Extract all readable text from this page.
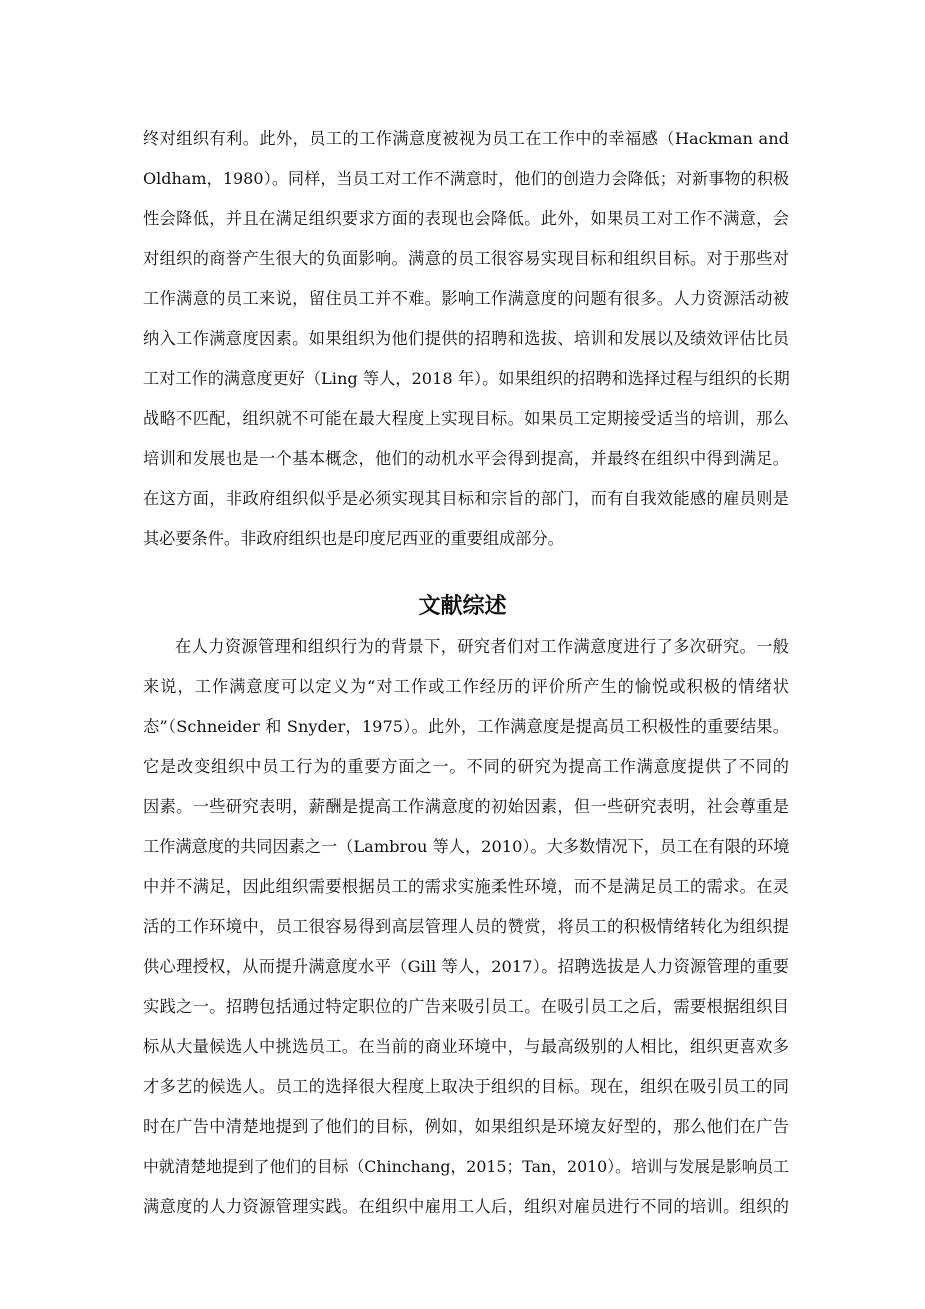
终对组织有利。此外，员工的工作满意度被视为员工在工作中的幸福感（Hackman and
Oldham，1980）。同样，当员工对工作不满意时，他们的创造力会降低；对新事物的积极
性会降低，并且在满足组织要求方面的表现也会降低。此外，如果员工对工作不满意，会
对组织的商誉产生很大的负面影响。满意的员工很容易实现目标和组织目标。对于那些对
工作满意的员工来说，留住员工并不难。影响工作满意度的问题有很多。人力资源活动被
纳入工作满意度因素。如果组织为他们提供的招聘和选拔、培训和发展以及绩效评估比员
工对工作的满意度更好（Ling 等人，2018 年）。如果组织的招聘和选择过程与组织的长期
战略不匹配，组织就不可能在最大程度上实现目标。如果员工定期接受适当的培训，那么
培训和发展也是一个基本概念，他们的动机水平会得到提高，并最终在组织中得到满足。
在这方面，非政府组织似乎是必须实现其目标和宗旨的部门，而有自我效能感的雇员则是
其必要条件。非政府组织也是印度尼西亚的重要组成部分。
文献综述
在人力资源管理和组织行为的背景下，研究者们对工作满意度进行了多次研究。一般
来说，工作满意度可以定义为“对工作或工作经历的评价所产生的愉悦或积极的情绪状
态”（Schneider 和 Snyder，1975）。此外，工作满意度是提高员工积极性的重要结果。
它是改变组织中员工行为的重要方面之一。不同的研究为提高工作满意度提供了不同的
因素。一些研究表明，薪酬是提高工作满意度的初始因素，但一些研究表明，社会尊重是
工作满意度的共同因素之一（Lambrou 等人，2010）。大多数情况下，员工在有限的环境
中并不满足，因此组织需要根据员工的需求实施柔性环境，而不是满足员工的需求。在灵
活的工作环境中，员工很容易得到高层管理人员的赞赏，将员工的积极情绪转化为组织提
供心理授权，从而提升满意度水平（Gill 等人，2017）。招聘选拔是人力资源管理的重要
实践之一。招聘包括通过特定职位的广告来吸引员工。在吸引员工之后，需要根据组织目
标从大量候选人中挑选员工。在当前的商业环境中，与最高级别的人相比，组织更喜欢多
才多艺的候选人。员工的选择很大程度上取决于组织的目标。现在，组织在吸引员工的同
时在广告中清楚地提到了他们的目标，例如，如果组织是环境友好型的，那么他们在广告
中就清楚地提到了他们的目标（Chinchang，2015；Tan，2010）。培训与发展是影响员工
满意度的人力资源管理实践。在组织中雇用工人后，组织对雇员进行不同的培训。组织的
